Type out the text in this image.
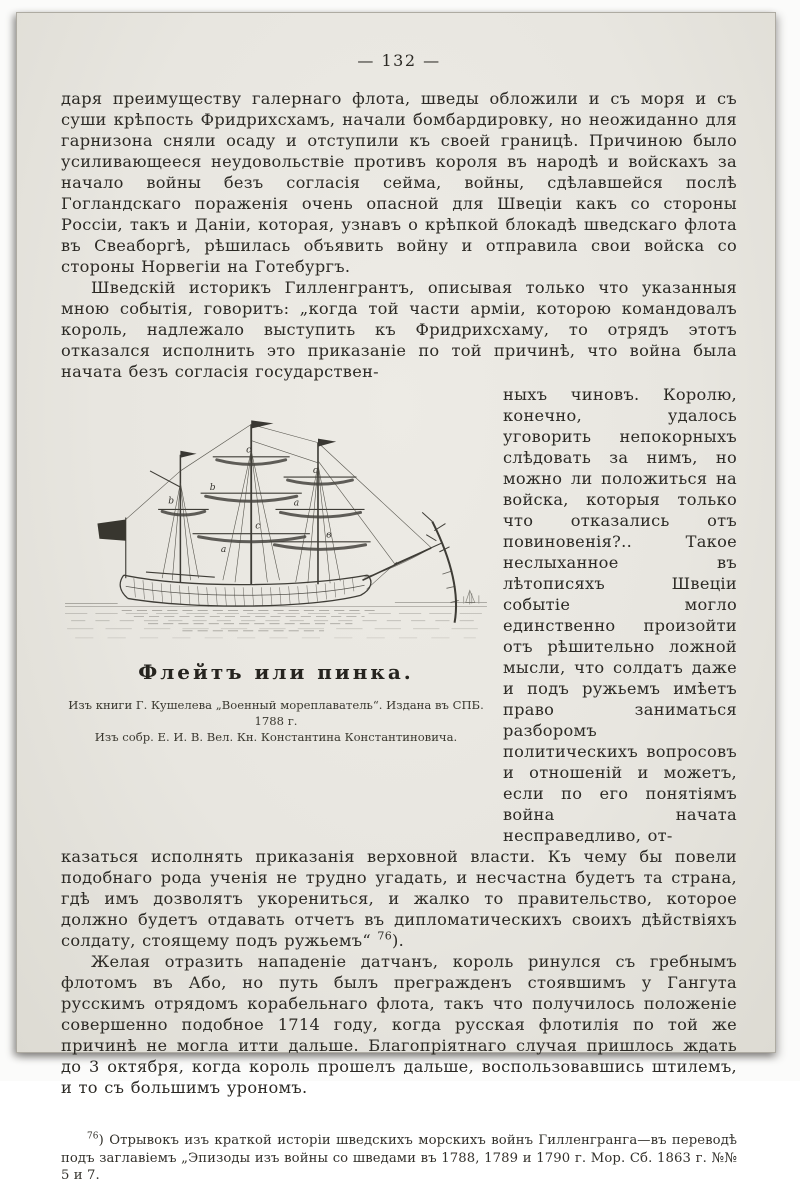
— 132 —

даря преимуществу галернаго флота, шведы обложили и съ моря и съ суши крѣпость Фридрихсхамъ, начали бомбардировку, но неожиданно для гарнизона сняли осаду и отступили къ своей границѣ. Причиною было усиливающееся неудовольствіе противъ короля въ народѣ и войскахъ за начало войны безъ согласія сейма, войны, сдѣлавшейся послѣ Гогландскаго пораженія очень опасной для Швеціи какъ со стороны Россіи, такъ и Даніи, которая, узнавъ о крѣпкой блокадѣ шведскаго флота въ Свеаборгѣ, рѣшилась объявить войну и отправила свои войска со стороны Норвегіи на Готебургъ.

Шведскій историкъ Гилленгрантъ, описывая только что указанныя мною событія, говоритъ: „когда той части арміи, которою командовалъ король, надлежало выступить къ Фридрихсхаму, то отрядъ этотъ отказался исполнить это приказаніе по той причинѣ, что война была начата безъ согласія государствен-

c
c
b
a
c
в
a
b
Флейтъ или пинка.
Изъ книги Г. Кушелева „Военный мореплаватель“. Издана въ СПБ. 1788 г.
Изъ собр. Е. И. В. Вел. Кн. Константина Константиновича.
ныхъ чиновъ. Королю, конечно, удалось уговорить непокорныхъ слѣдовать за нимъ, но можно ли положиться на войска, которыя только что отказались отъ повиновенія?.. Такое неслыханное въ лѣтописяхъ Швеціи событіе могло единственно произойти отъ рѣшительно ложной мысли, что солдатъ даже и подъ ружьемъ имѣетъ право заниматься разборомъ политическихъ вопросовъ и отношеній и можетъ, если по его понятіямъ война начата несправедливо, от-

казаться исполнять приказанія верховной власти. Къ чему бы повели подобнаго рода ученія не трудно угадать, и несчастна будетъ та страна, гдѣ имъ дозволятъ укорениться, и жалко то правительство, которое должно будетъ отдавать отчетъ въ дипломатическихъ своихъ дѣйствіяхъ солдату, стоящему подъ ружьемъ“ $^{76}$).

Желая отразить нападеніе датчанъ, король ринулся съ гребнымъ флотомъ въ Або, но путь былъ прегражденъ стоявшимъ у Гангута русскимъ отрядомъ корабельнаго флота, такъ что получилось положеніе совершенно подобное 1714 году, когда русская флотилія по той же причинѣ не могла итти дальше. Благопріятнаго случая пришлось ждать до 3 октября, когда король прошелъ дальше, воспользовавшись штилемъ, и то съ большимъ урономъ.

$^{76}$) Отрывокъ изъ краткой исторіи шведскихъ морскихъ войнъ Гилленгранга—въ переводѣ подъ заглавіемъ „Эпизоды изъ войны со шведами въ 1788, 1789 и 1790 г. Мор. Сб. 1863 г. №№ 5 и 7.
